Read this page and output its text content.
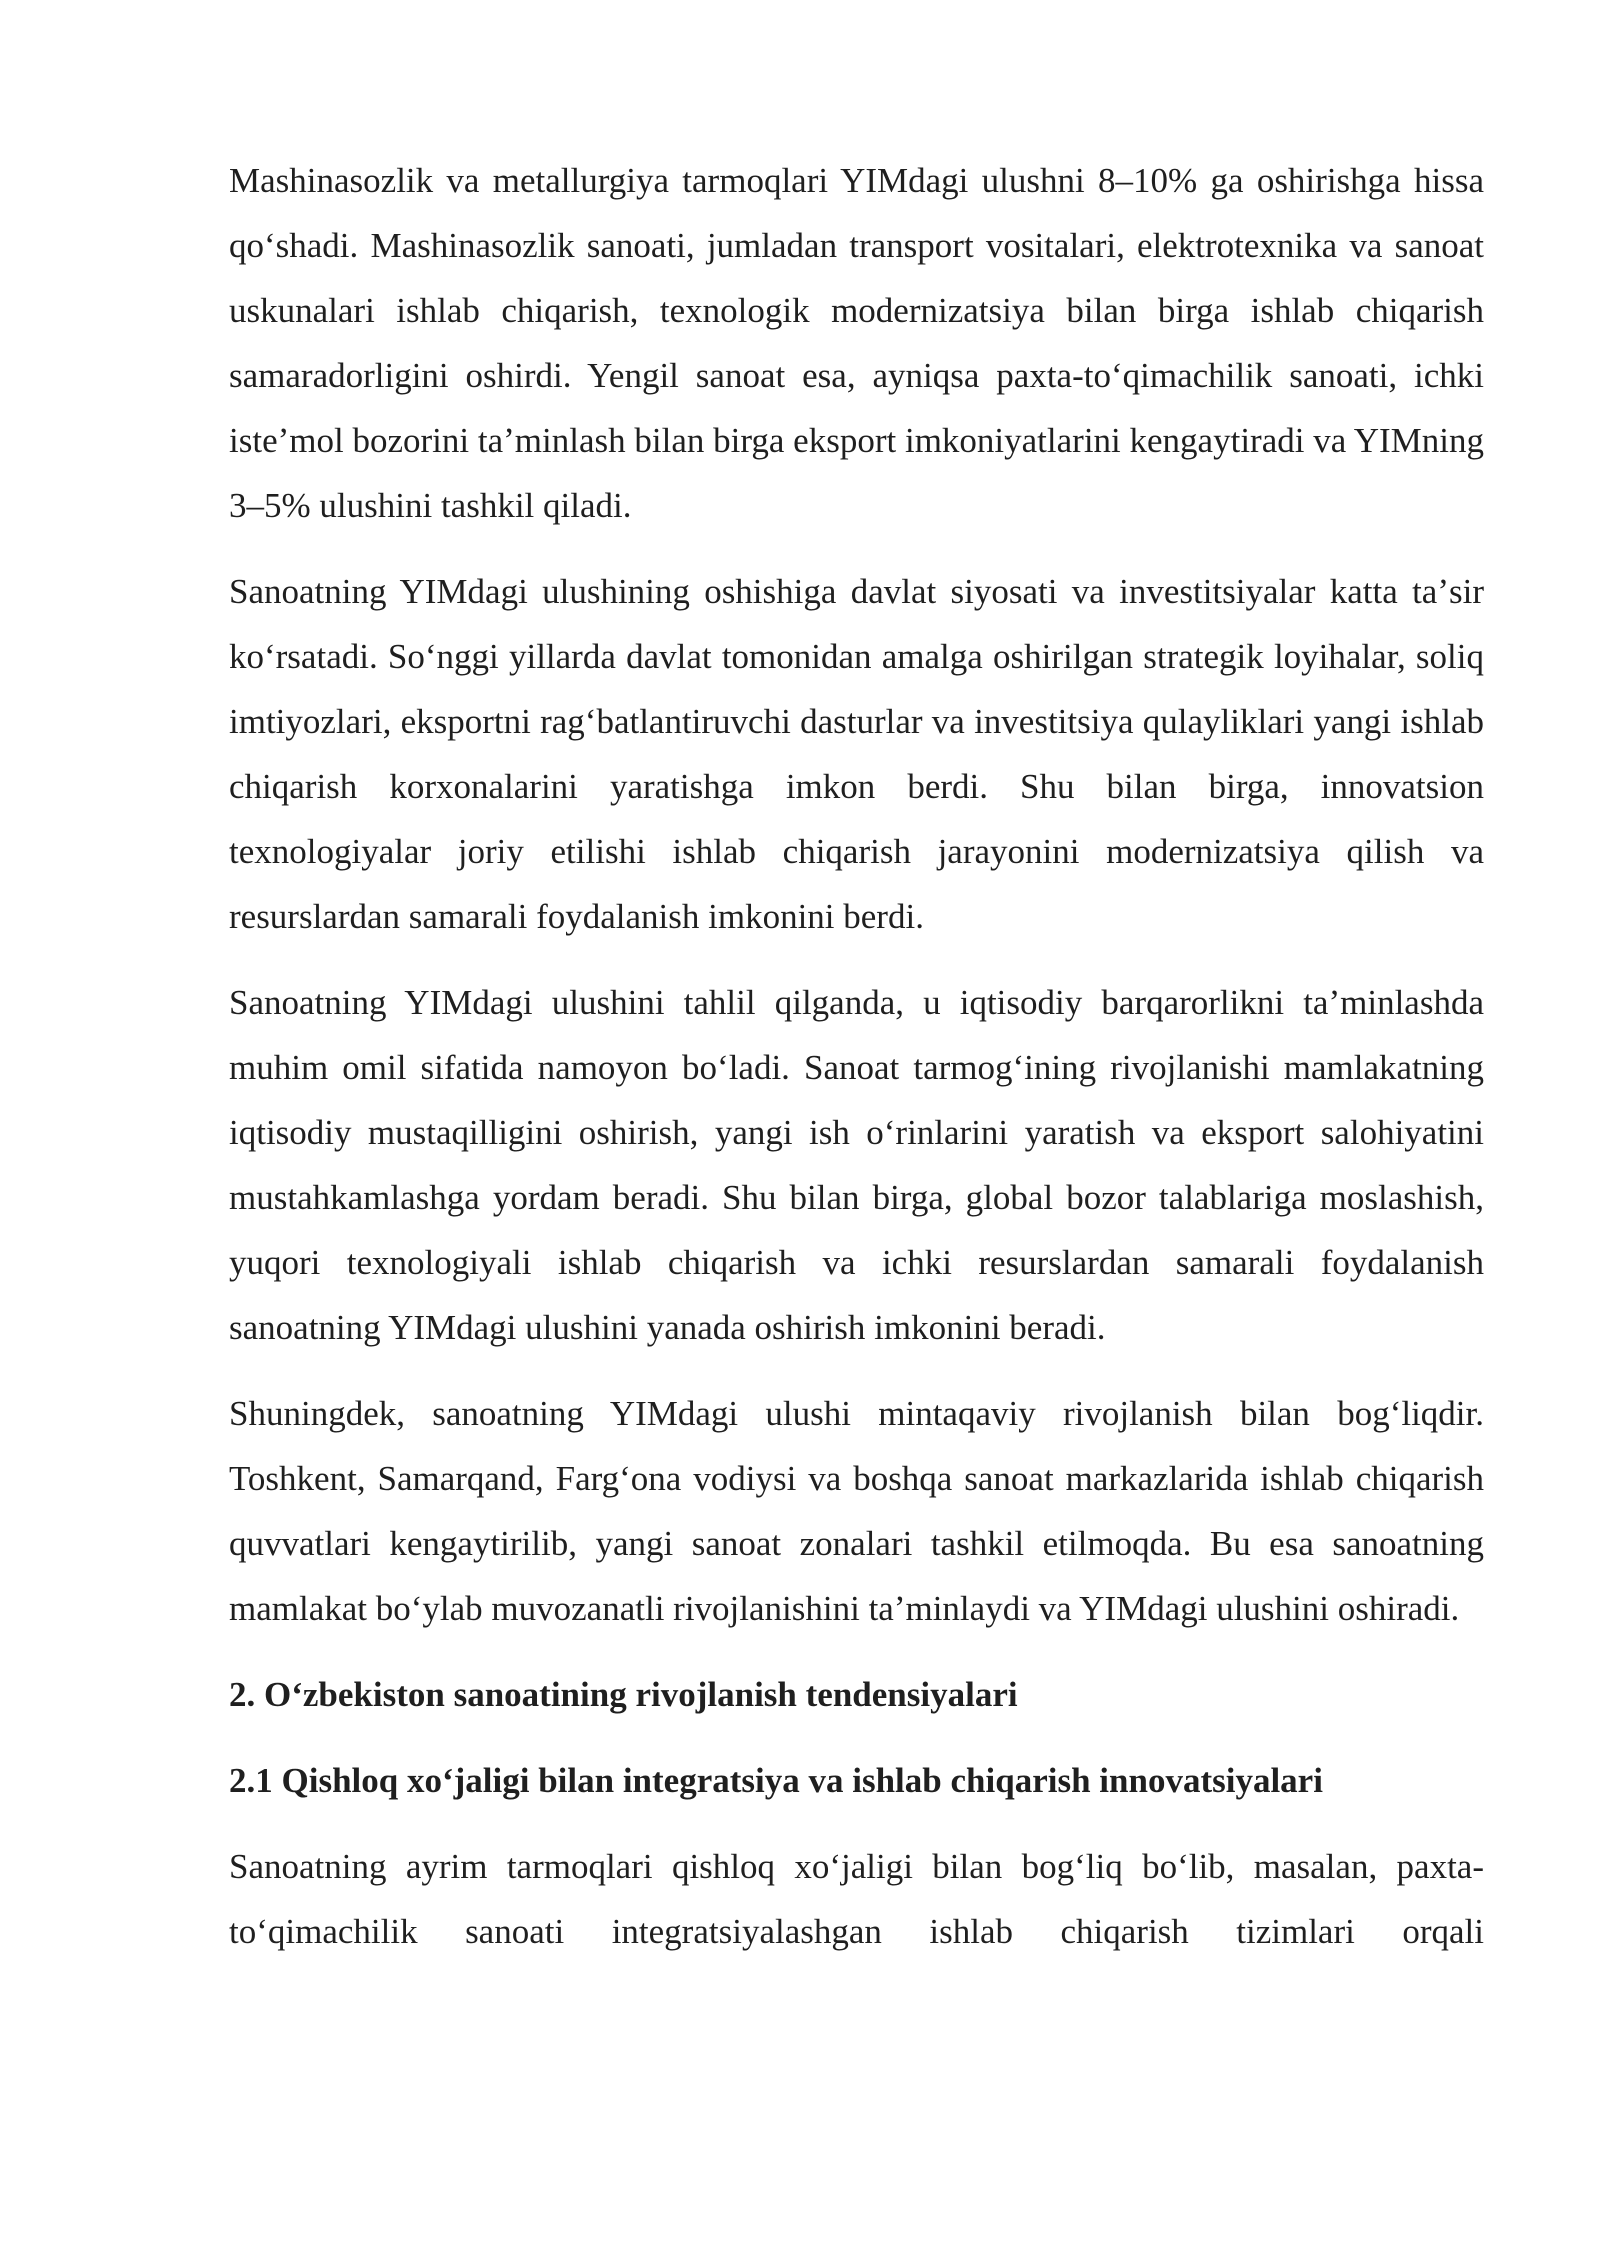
Mashinasozlik va metallurgiya tarmoqlari YIMdagi ulushni 8–10% ga oshirishga hissa qoʻshadi. Mashinasozlik sanoati, jumladan transport vositalari, elektrotexnika va sanoat uskunalari ishlab chiqarish, texnologik modernizatsiya bilan birga ishlab chiqarish samaradorligini oshirdi. Yengil sanoat esa, ayniqsa paxta-toʻqimachilik sanoati, ichki isteʼmol bozorini taʼminlash bilan birga eksport imkoniyatlarini kengaytiradi va YIMning 3–5% ulushini tashkil qiladi.

Sanoatning YIMdagi ulushining oshishiga davlat siyosati va investitsiyalar katta taʼsir koʻrsatadi. Soʻnggi yillarda davlat tomonidan amalga oshirilgan strategik loyihalar, soliq imtiyozlari, eksportni ragʻbatlantiruvchi dasturlar va investitsiya qulayliklari yangi ishlab chiqarish korxonalarini yaratishga imkon berdi. Shu bilan birga, innovatsion texnologiyalar joriy etilishi ishlab chiqarish jarayonini modernizatsiya qilish va resurslardan samarali foydalanish imkonini berdi.

Sanoatning YIMdagi ulushini tahlil qilganda, u iqtisodiy barqarorlikni taʼminlashda muhim omil sifatida namoyon boʻladi. Sanoat tarmogʻining rivojlanishi mamlakatning iqtisodiy mustaqilligini oshirish, yangi ish oʻrinlarini yaratish va eksport salohiyatini mustahkamlashga yordam beradi. Shu bilan birga, global bozor talablariga moslashish, yuqori texnologiyali ishlab chiqarish va ichki resurslardan samarali foydalanish sanoatning YIMdagi ulushini yanada oshirish imkonini beradi.

Shuningdek, sanoatning YIMdagi ulushi mintaqaviy rivojlanish bilan bogʻliqdir. Toshkent, Samarqand, Fargʻona vodiysi va boshqa sanoat markazlarida ishlab chiqarish quvvatlari kengaytirilib, yangi sanoat zonalari tashkil etilmoqda. Bu esa sanoatning mamlakat boʻylab muvozanatli rivojlanishini taʼminlaydi va YIMdagi ulushini oshiradi.

2. Oʻzbekiston sanoatining rivojlanish tendensiyalari

2.1 Qishloq xoʻjaligi bilan integratsiya va ishlab chiqarish innovatsiyalari

Sanoatning ayrim tarmoqlari qishloq xoʻjaligi bilan bogʻliq boʻlib, masalan, paxta-toʻqimachilik sanoati integratsiyalashgan ishlab chiqarish tizimlari orqali
